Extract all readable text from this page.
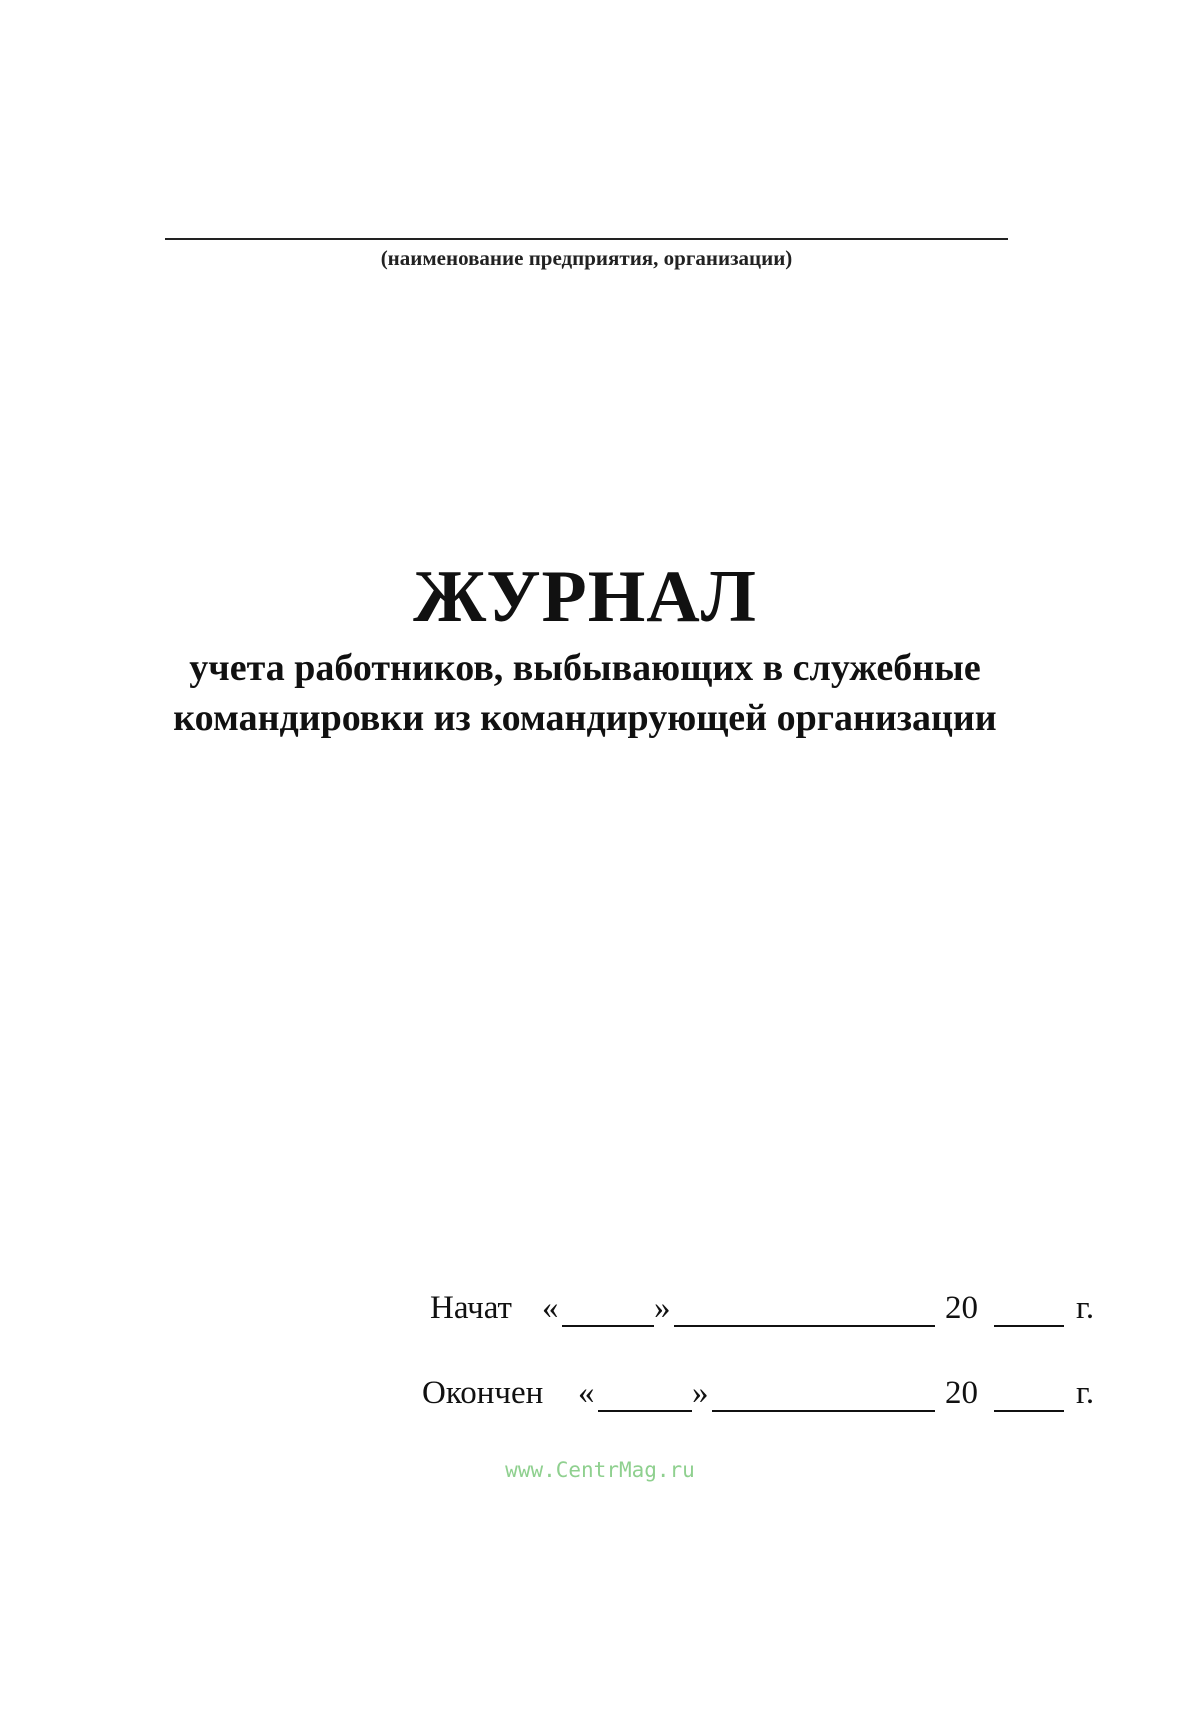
(наименование предприятия, организации)
ЖУРНАЛ
учета работников, выбывающих в служебные
командировки из командирующей организации
Начат «	»	20	г.
Окончен «	»	20	г.
www.CentrMag.ru
